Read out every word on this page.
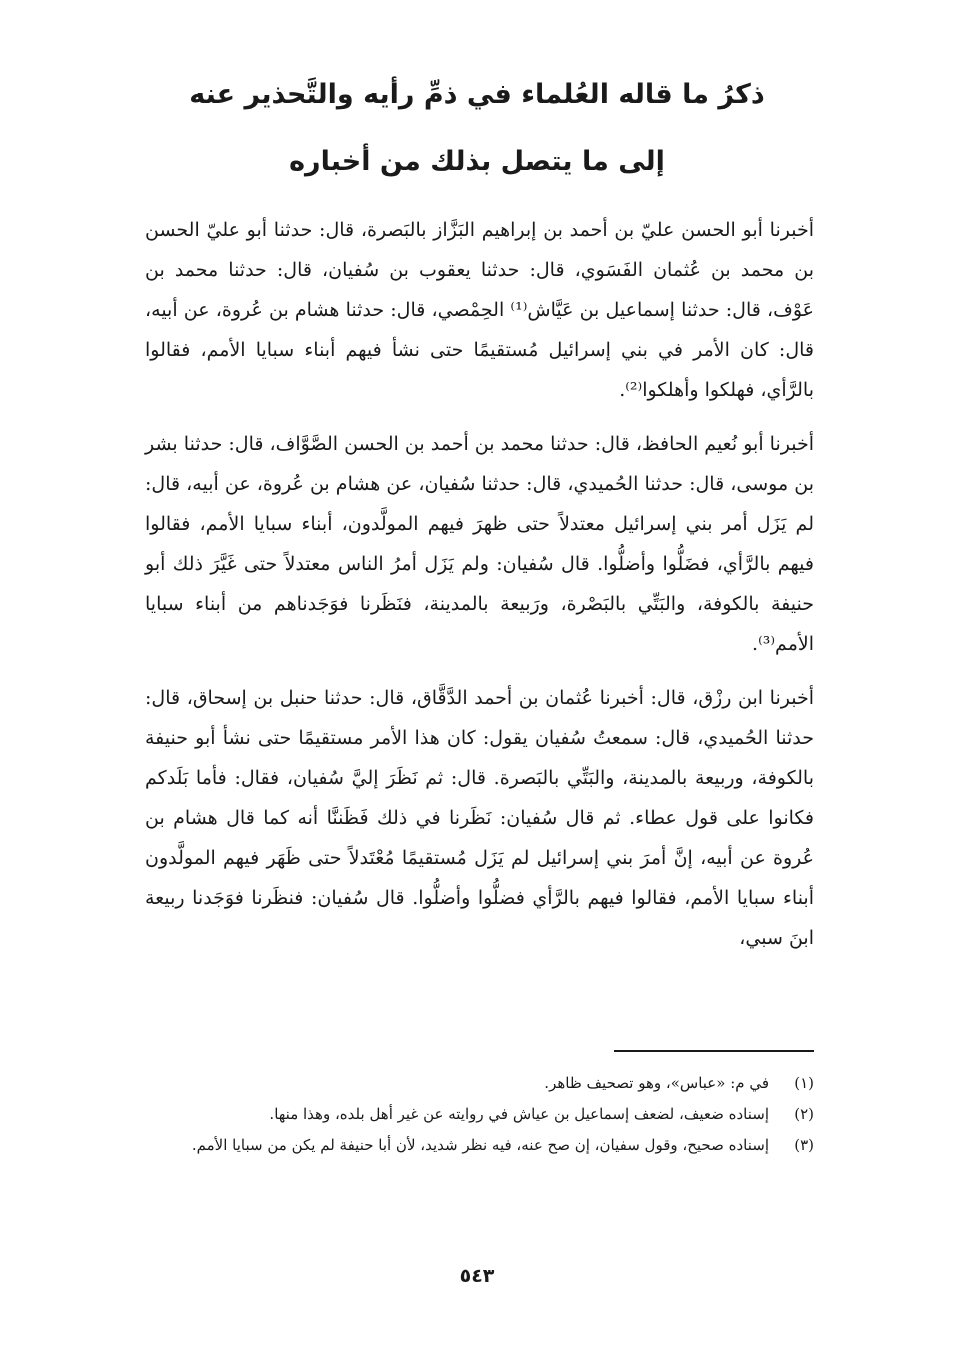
ذكرُ ما قاله العُلماء في ذمِّ رأيه والتَّحذير عنه
إلى ما يتصل بذلك من أخباره

أخبرنا أبو الحسن عليّ بن أحمد بن إبراهيم البَزَّاز بالبَصرة، قال: حدثنا أبو عليّ الحسن بن محمد بن عُثمان الفَسَوي، قال: حدثنا يعقوب بن سُفيان، قال: حدثنا محمد بن عَوْف، قال: حدثنا إسماعيل بن عَيَّاش⁽¹⁾ الحِمْصي، قال: حدثنا هشام بن عُروة، عن أبيه، قال: كان الأمر في بني إسرائيل مُستقيمًا حتى نشأ فيهم أبناء سبايا الأمم، فقالوا بالرَّأي، فهلكوا وأهلكوا⁽²⁾.

أخبرنا أبو نُعيم الحافظ، قال: حدثنا محمد بن أحمد بن الحسن الصَّوَّاف، قال: حدثنا بشر بن موسى، قال: حدثنا الحُميدي، قال: حدثنا سُفيان، عن هشام بن عُروة، عن أبيه، قال: لم يَزَل أمر بني إسرائيل معتدلاً حتى ظهرَ فيهم المولَّدون، أبناء سبايا الأمم، فقالوا فيهم بالرَّأي، فضَلُّوا وأضلُّوا. قال سُفيان: ولم يَزَل أمرُ الناس معتدلاً حتى غَيَّرَ ذلك أبو حنيفة بالكوفة، والبَتِّي بالبَصْرة، ورَبيعة بالمدينة، فنَظَرنا فوَجَدناهم من أبناء سبايا الأمم⁽³⁾.

أخبرنا ابن رزْق، قال: أخبرنا عُثمان بن أحمد الدَّقَّاق، قال: حدثنا حنبل بن إسحاق، قال: حدثنا الحُميدي، قال: سمعتُ سُفيان يقول: كان هذا الأمر مستقيمًا حتى نشأ أبو حنيفة بالكوفة، وربيعة بالمدينة، والبَتِّي بالبَصرة. قال: ثم نَظَرَ إليَّ سُفيان، فقال: فأما بَلَدكم فكانوا على قول عطاء. ثم قال سُفيان: نَظَرنا في ذلك فَظَننَّا أنه كما قال هشام بن عُروة عن أبيه، إنَّ أمرَ بني إسرائيل لم يَزَل مُستقيمًا مُعْتَدلاً حتى ظَهَر فيهم المولَّدون أبناء سبايا الأمم، فقالوا فيهم بالرَّأي فضلُّوا وأضلُّوا. قال سُفيان: فنظَرنا فوَجَدنا ربيعة ابنَ سبي،

(١)
في م: «عباس»، وهو تصحيف ظاهر.
(٢)
إسناده ضعيف، لضعف إسماعيل بن عياش في روايته عن غير أهل بلده، وهذا منها.
(٣)
إسناده صحيح، وقول سفيان، إن صح عنه، فيه نظر شديد، لأن أبا حنيفة لم يكن من سبايا الأمم.
٥٤٣
